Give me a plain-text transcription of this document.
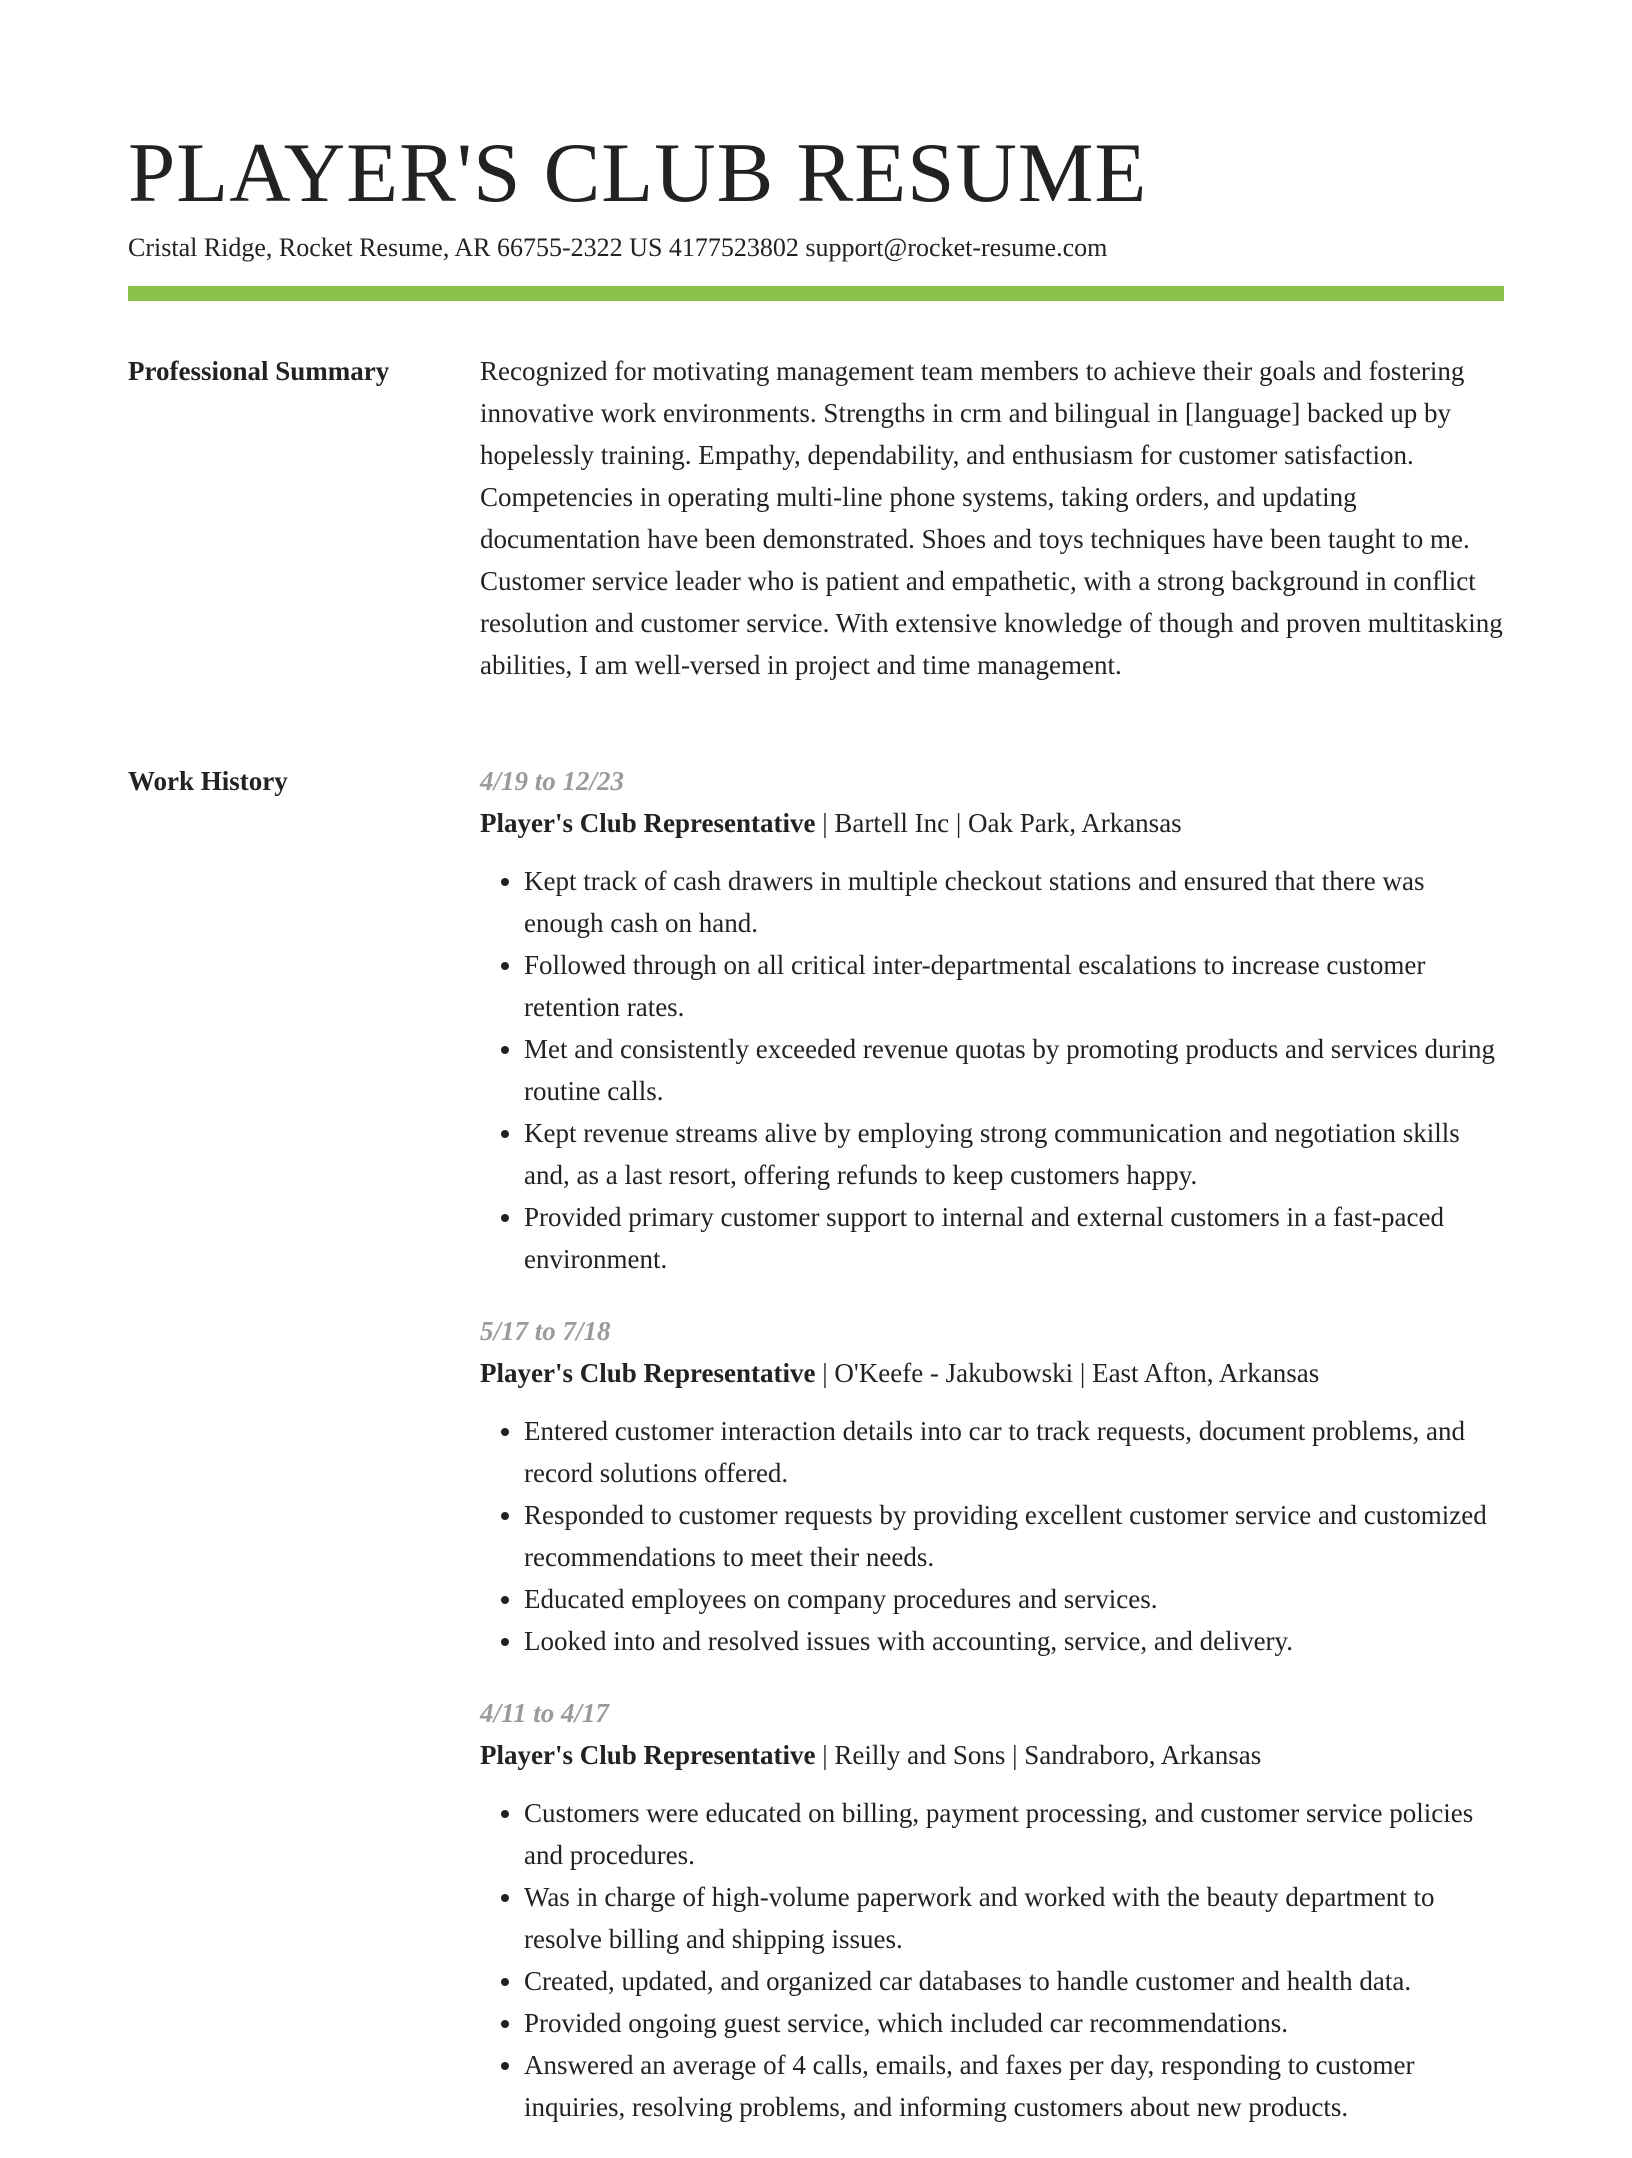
PLAYER'S CLUB RESUME
Cristal Ridge, Rocket Resume, AR 66755-2322 US 4177523802 support@rocket-resume.com
Professional Summary	Recognized for motivating management team members to achieve their goals and fostering innovative work environments. Strengths in crm and bilingual in [language] backed up by hopelessly training. Empathy, dependability, and enthusiasm for customer satisfaction. Competencies in operating multi-line phone systems, taking orders, and updating documentation have been demonstrated. Shoes and toys techniques have been taught to me. Customer service leader who is patient and empathetic, with a strong background in conflict resolution and customer service. With extensive knowledge of though and proven multitasking abilities, I am well-versed in project and time management.

Work History	4/19 to 12/23
Player's Club Representative | Bartell Inc | Oak Park, Arkansas
• Kept track of cash drawers in multiple checkout stations and ensured that there was enough cash on hand.
• Followed through on all critical inter-departmental escalations to increase customer retention rates.
• Met and consistently exceeded revenue quotas by promoting products and services during routine calls.
• Kept revenue streams alive by employing strong communication and negotiation skills and, as a last resort, offering refunds to keep customers happy.
• Provided primary customer support to internal and external customers in a fast-paced environment.
5/17 to 7/18
Player's Club Representative | O'Keefe - Jakubowski | East Afton, Arkansas
• Entered customer interaction details into car to track requests, document problems, and record solutions offered.
• Responded to customer requests by providing excellent customer service and customized recommendations to meet their needs.
• Educated employees on company procedures and services.
• Looked into and resolved issues with accounting, service, and delivery.
4/11 to 4/17
Player's Club Representative | Reilly and Sons | Sandraboro, Arkansas
• Customers were educated on billing, payment processing, and customer service policies and procedures.
• Was in charge of high-volume paperwork and worked with the beauty department to resolve billing and shipping issues.
• Created, updated, and organized car databases to handle customer and health data.
• Provided ongoing guest service, which included car recommendations.
• Answered an average of 4 calls, emails, and faxes per day, responding to customer inquiries, resolving problems, and informing customers about new products.
